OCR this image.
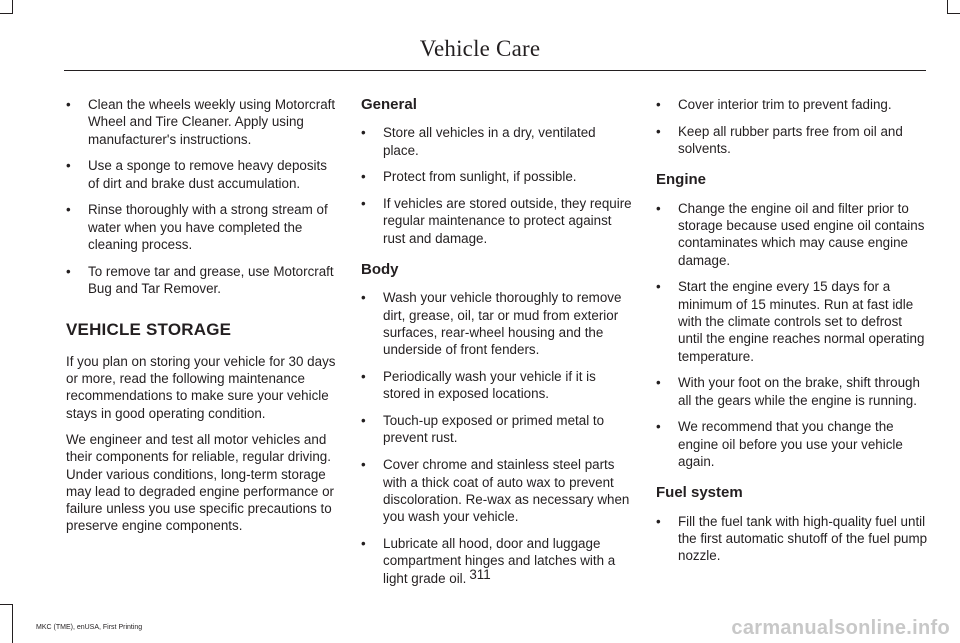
Vehicle Care
• Clean the wheels weekly using Motorcraft Wheel and Tire Cleaner. Apply using manufacturer's instructions.
• Use a sponge to remove heavy deposits of dirt and brake dust accumulation.
• Rinse thoroughly with a strong stream of water when you have completed the cleaning process.
• To remove tar and grease, use Motorcraft Bug and Tar Remover.
VEHICLE STORAGE

If you plan on storing your vehicle for 30 days or more, read the following maintenance recommendations to make sure your vehicle stays in good operating condition.

We engineer and test all motor vehicles and their components for reliable, regular driving. Under various conditions, long-term storage may lead to degraded engine performance or failure unless you use specific precautions to preserve engine components.

General
• Store all vehicles in a dry, ventilated place.
• Protect from sunlight, if possible.
• If vehicles are stored outside, they require regular maintenance to protect against rust and damage.
Body
• Wash your vehicle thoroughly to remove dirt, grease, oil, tar or mud from exterior surfaces, rear-wheel housing and the underside of front fenders.
• Periodically wash your vehicle if it is stored in exposed locations.
• Touch-up exposed or primed metal to prevent rust.
• Cover chrome and stainless steel parts with a thick coat of auto wax to prevent discoloration. Re-wax as necessary when you wash your vehicle.
• Lubricate all hood, door and luggage compartment hinges and latches with a light grade oil.
• Cover interior trim to prevent fading.
• Keep all rubber parts free from oil and solvents.
Engine
• Change the engine oil and filter prior to storage because used engine oil contains contaminates which may cause engine damage.
• Start the engine every 15 days for a minimum of 15 minutes. Run at fast idle with the climate controls set to defrost until the engine reaches normal operating temperature.
• With your foot on the brake, shift through all the gears while the engine is running.
• We recommend that you change the engine oil before you use your vehicle again.
Fuel system
• Fill the fuel tank with high-quality fuel until the first automatic shutoff of the fuel pump nozzle.
311
MKC (TME), enUSA, First Printing	carmanualsonline.info
